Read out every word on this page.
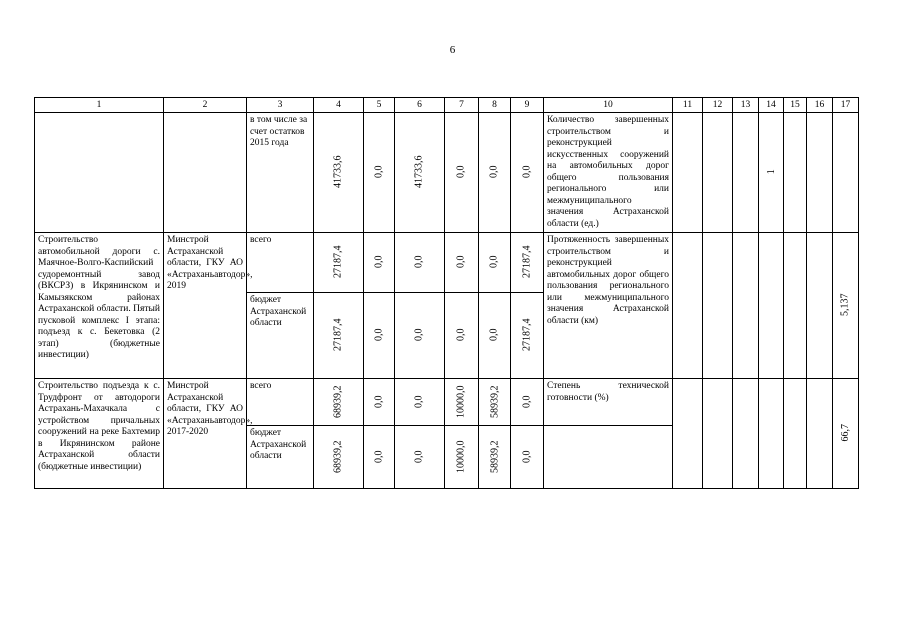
6
1	2	3	4	5	6	7	8	9	10	11	12	13	14	15	16	17
		в том числе за счет остатков 2015 года	41733,6	0,0	41733,6	0,0	0,0	0,0	Количество завершенных строительством и реконструкцией искусственных сооружений на автомобильных дорог общего пользования регионального или межмуниципального значения Астраханской области (ед.)				1			
Строительство автомобильной дороги с. Маячное-Волго-Каспийский судоремонтный завод (ВКСРЗ) в Икрянинском и Камызякском районах Астраханской области. Пятый пусковой комплекс I этапа: подъезд к с. Бекетовка (2 этап) (бюджетные инвестиции)	Минстрой Астраханской области, ГКУ АО «Астраханьавтодор», 2019	всего	27187,4	0,0	0,0	0,0	0,0	27187,4	Протяженность завершенных строительством и реконструкцией автомобильных дорог общего пользования регионального или межмуниципального значения Астраханской области (км)							5,137
		бюджет Астраханской области	27187,4	0,0	0,0	0,0	0,0	27187,4								
Строительство подъезда к с. Трудфронт от автодороги Астрахань-Махачкала с устройством причальных сооружений на реке Бахтемир в Икрянинском районе Астраханской области (бюджетные инвестиции)	Минстрой Астраханской области, ГКУ АО «Астраханьавтодор», 2017-2020	всего	68939,2	0,0	0,0	10000,0	58939,2	0,0	Степень технической готовности (%)							66,7
		бюджет Астраханской области	68939,2	0,0	0,0	10000,0	58939,2	0,0								
